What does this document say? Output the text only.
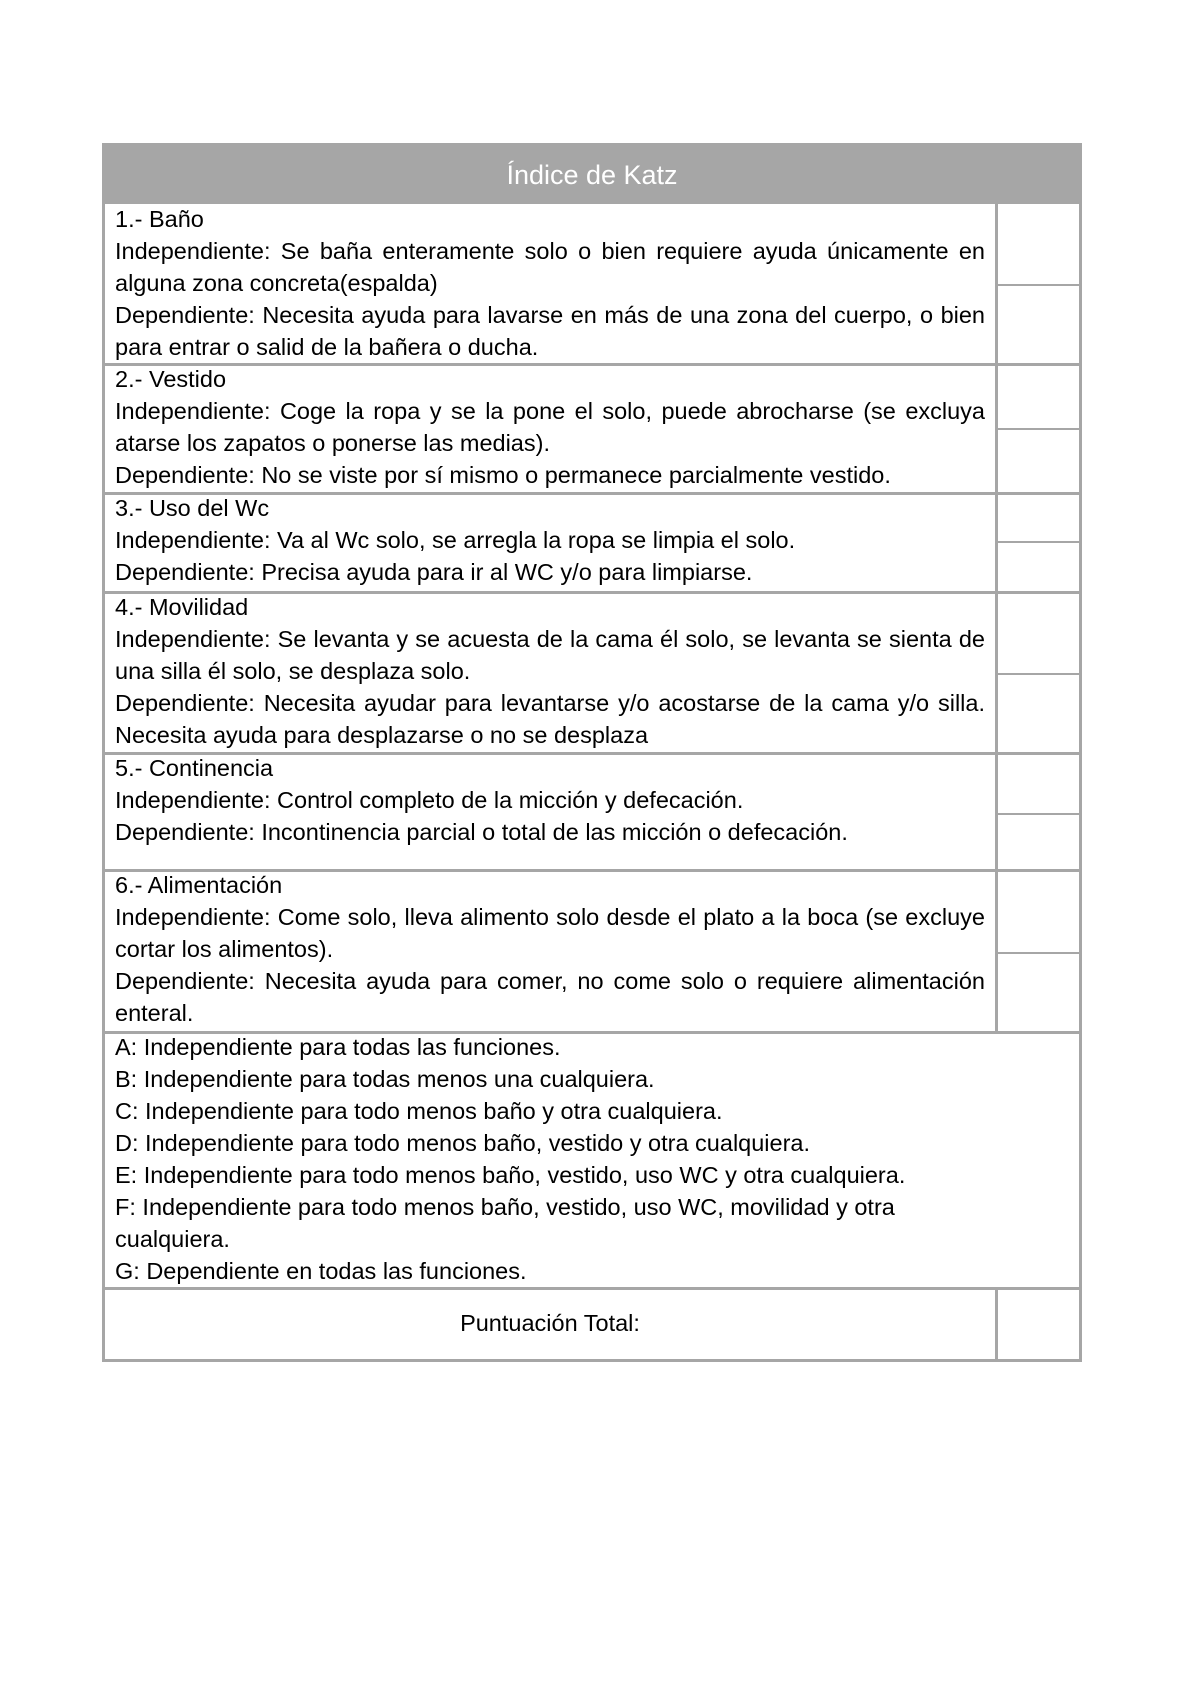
Índice de Katz
1.- Baño
Independiente: Se baña enteramente solo o bien requiere ayuda únicamente en alguna zona concreta(espalda)
Dependiente: Necesita ayuda para lavarse en más de una zona del cuerpo, o bien para entrar o salid de la bañera o ducha.
2.- Vestido
Independiente: Coge la ropa y se la pone el solo, puede abrocharse (se excluya atarse los zapatos o ponerse las medias).
Dependiente: No se viste por sí mismo o permanece parcialmente vestido.
3.- Uso del Wc
Independiente: Va al Wc solo, se arregla la ropa se limpia el solo.
Dependiente: Precisa ayuda para ir al WC y/o para limpiarse.
4.- Movilidad
Independiente: Se levanta y se acuesta de la cama él solo, se levanta se sienta de una silla él solo, se desplaza solo.
Dependiente: Necesita ayudar para levantarse y/o acostarse de la cama y/o silla. Necesita ayuda para desplazarse o no se desplaza
5.- Continencia
Independiente: Control completo de la micción y defecación.
Dependiente: Incontinencia parcial o total de las micción o defecación.
6.- Alimentación
Independiente: Come solo, lleva alimento solo desde el plato a la boca (se excluye cortar los alimentos).
Dependiente: Necesita ayuda para comer, no come solo o requiere alimentación enteral.
A: Independiente para todas las funciones.
B: Independiente para todas menos una cualquiera.
C: Independiente para todo menos baño y otra cualquiera.
D: Independiente para todo menos baño, vestido y otra cualquiera.
E: Independiente para todo menos baño, vestido, uso WC y otra cualquiera.
F: Independiente para todo menos baño, vestido, uso WC, movilidad y otra cualquiera.
G: Dependiente en todas las funciones.
Puntuación Total:
